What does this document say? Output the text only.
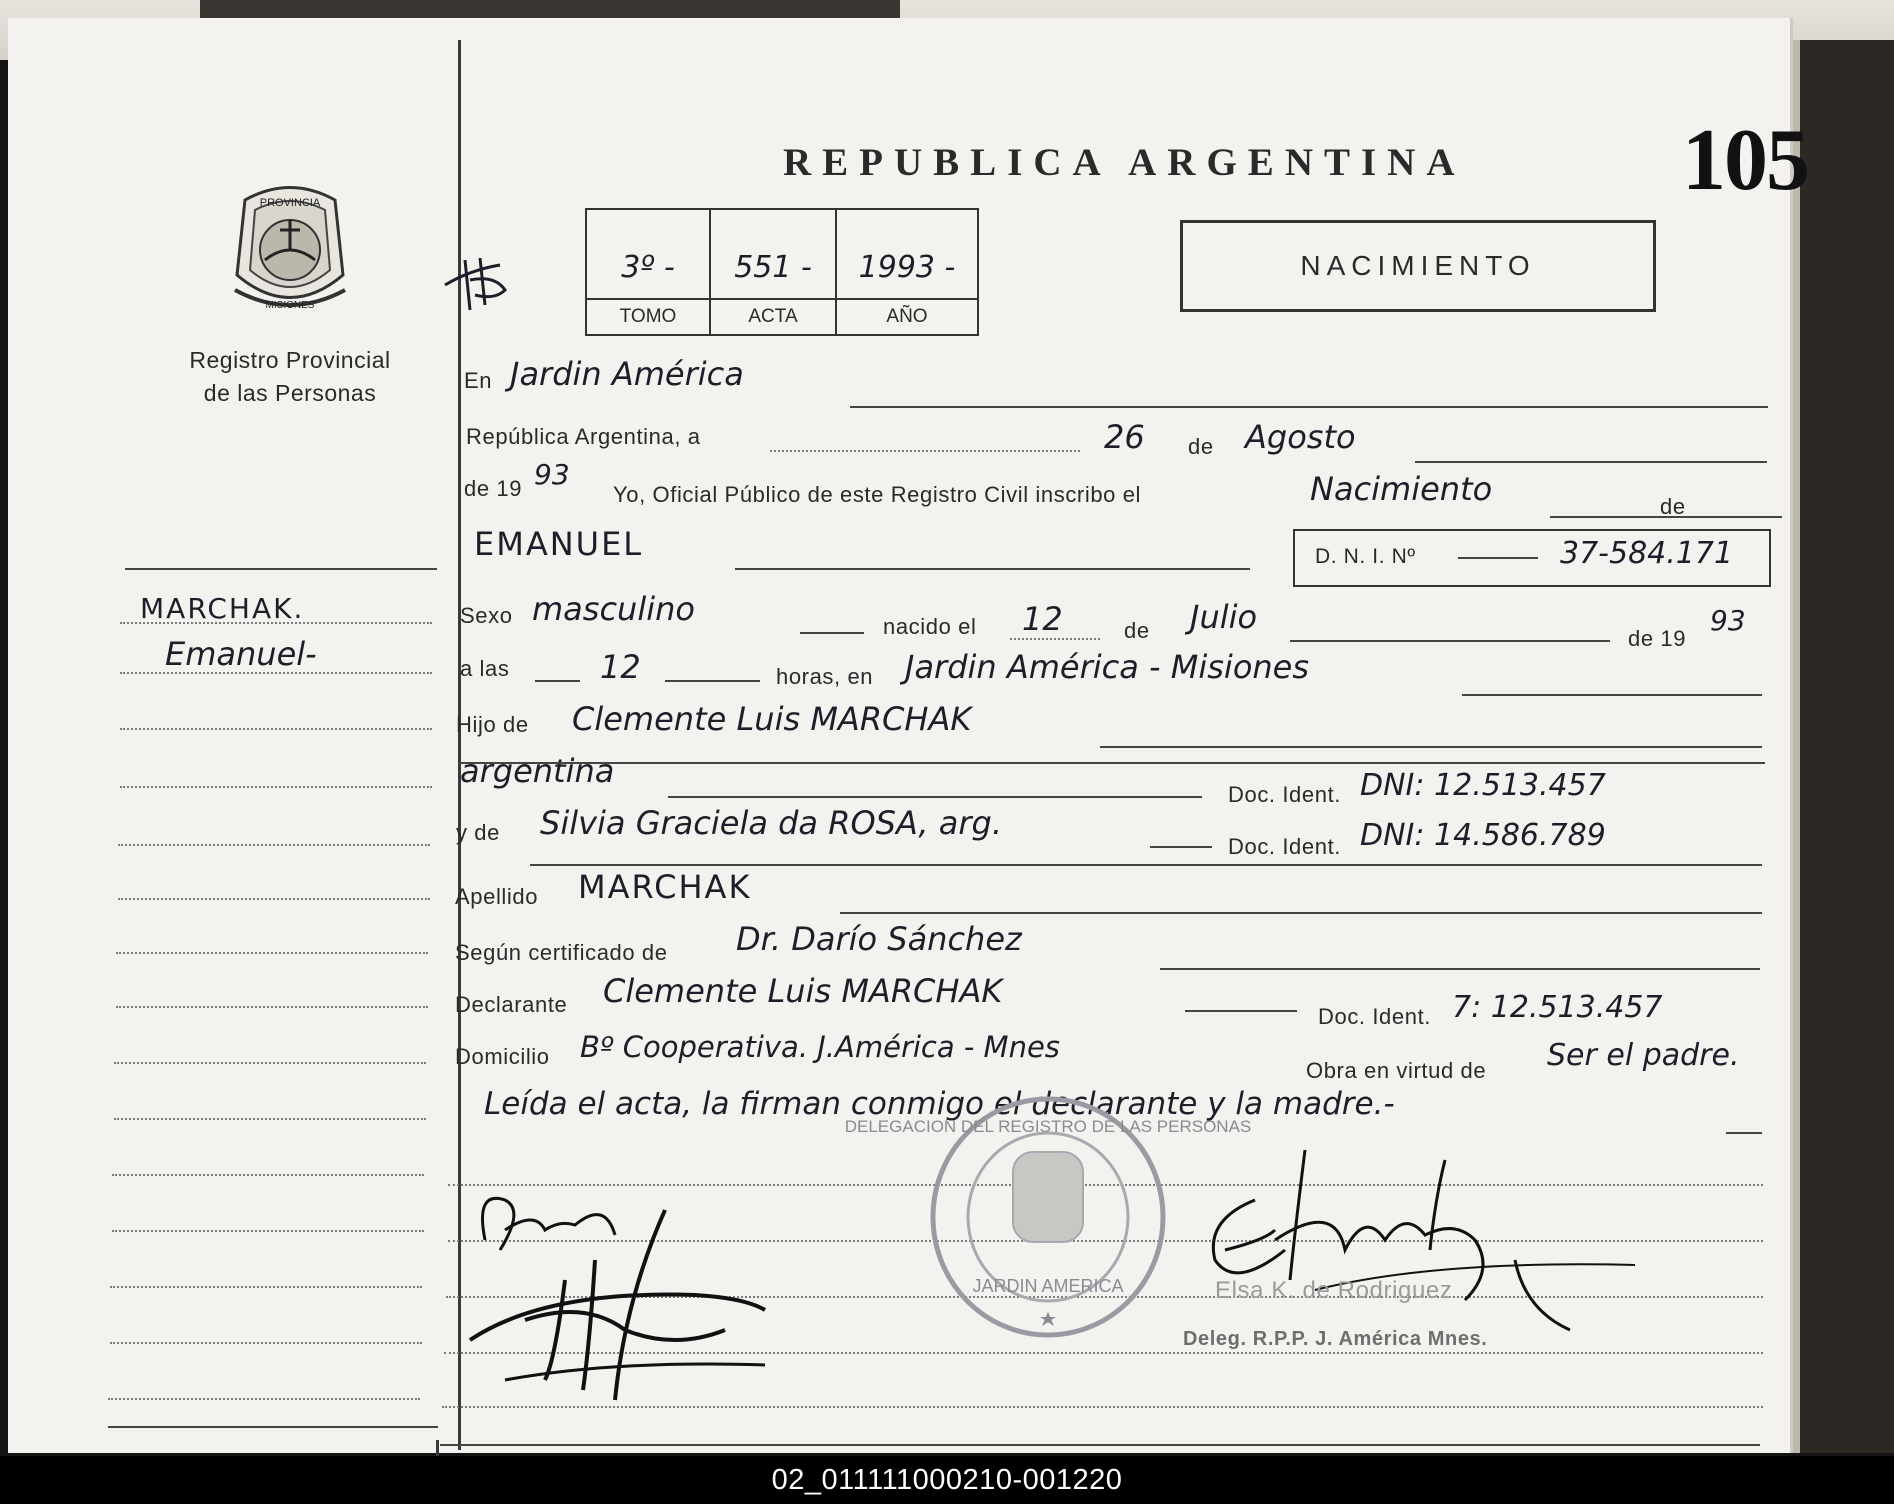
PROVINCIA
MISIONES
Registro Provincial
de las Personas
REPUBLICA ARGENTINA 105
NACIMIENTO
3º -	551 -	1993 -
TOMO	ACTA	AÑO
MARCHAK.
Emanuel-
En Jardin América
República Argentina, a	26 de Agosto
de 19 93
Yo, Oficial Público de este Registro Civil inscribo el	Nacimiento	de
EMANUEL	D. N. I. Nº	37-584.171
Sexo masculino	nacido el 12	de Julio
de 19
93
a las	12	horas, en Jardin América - Misiones
Hijo de Clemente Luis MARCHAK
argentina
Doc. Ident. DNI: 12.513.457
y de Silvia Graciela da ROSA, arg.
Doc. Ident. DNI: 14.586.789
Apellido MARCHAK
Según certificado de Dr. Darío Sánchez
Declarante Clemente Luis MARCHAK
Doc. Ident. 7: 12.513.457
Domicilio Bº Cooperativa. J.América - Mnes
Obra en virtud de Ser el padre.
Leída el acta, la firman conmigo el declarante y la madre.-
DELEGACION DEL REGISTRO DE LAS PERSONAS
JARDIN AMERICA	Elsa K. de Rodriguez
Deleg. R.P.P. J. América Mnes.
02_011111000210-001220
